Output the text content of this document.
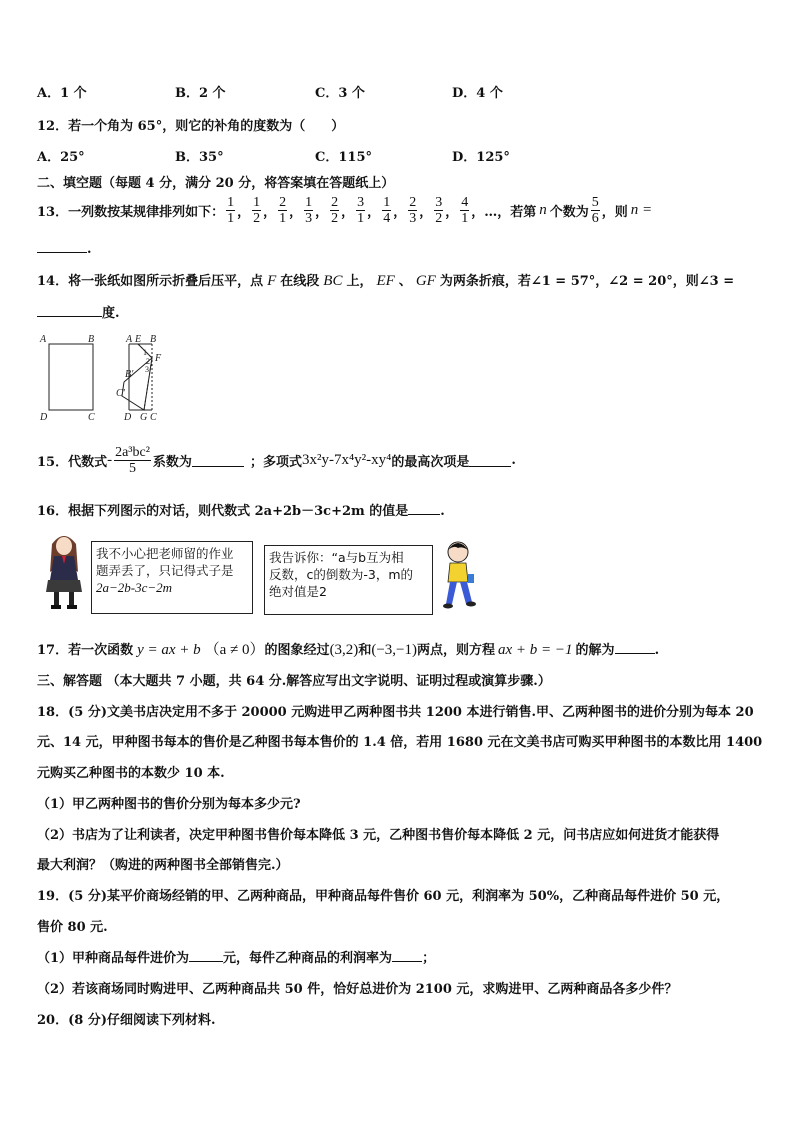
A．1 个	B．2 个	C．3 个	D．4 个
12．若一个角为 65°，则它的补角的度数为（　　）
A．25°	B．35°	C．115°	D．125°
二、填空题（每题 4 分，满分 20 分，将答案填在答题纸上）
13．一列数按某规律排列如下： $\frac{1}{1}$ ， $\frac{1}{2}$ ， $\frac{2}{1}$ ， $\frac{1}{3}$ ， $\frac{2}{2}$ ， $\frac{3}{1}$ ， $\frac{1}{4}$ ， $\frac{2}{3}$ ， $\frac{3}{2}$ ， $\frac{4}{1}$ ，…， 若第 n 个数为 $\frac{5}{6}$ ，则 n =
.
14．将一张纸如图所示折叠后压平，点 F 在线段 BC 上， EF 、 GF 为两条折痕，若∠1 = 57°，∠2 = 20°，则∠3 =
度.
A	B
D	C
A E B
F
B'
C'
D G C
1
2
3
15．代数式 - $\frac{\text{2a³bc²}}{5}$ 系数为	；多项式 3x²y-7x⁴y²-xy⁴ 的最高次项是	.
16．根据下列图示的对话，则代数式 2a+2b－3c+2m 的值是 .
我不小心把老师留的作业
题弄丢了，只记得式子是
2a−2b-3c−2m
我告诉你：“a与b互为相
反数，c的倒数为-3，m的
绝对值是2
17．若一次函数 y = ax + b （a ≠ 0）的图象经过(3,2)和(−3,−1)两点，则方程 ax + b = −1 的解为	.
三、解答题 （本大题共 7 小题，共 64 分.解答应写出文字说明、证明过程或演算步骤.）
18．(5 分)文美书店决定用不多于 20000 元购进甲乙两种图书共 1200 本进行销售.甲、乙两种图书的进价分别为每本 20
元、14 元，甲种图书每本的售价是乙种图书每本售价的 1.4 倍，若用 1680 元在文美书店可购买甲种图书的本数比用 1400
元购买乙种图书的本数少 10 本.
（1）甲乙两种图书的售价分别为每本多少元?
（2）书店为了让利读者，决定甲种图书售价每本降低 3 元，乙种图书售价每本降低 2 元，问书店应如何进货才能获得
最大利润？（购进的两种图书全部销售完.）
19．(5 分)某平价商场经销的甲、乙两种商品，甲种商品每件售价 60 元，利润率为 50%，乙种商品每件进价 50 元，
售价 80 元.
（1）甲种商品每件进价为	元，每件乙种商品的利润率为 ；
（2）若该商场同时购进甲、乙两种商品共 50 件，恰好总进价为 2100 元，求购进甲、乙两种商品各多少件？
20．(8 分)仔细阅读下列材料.
